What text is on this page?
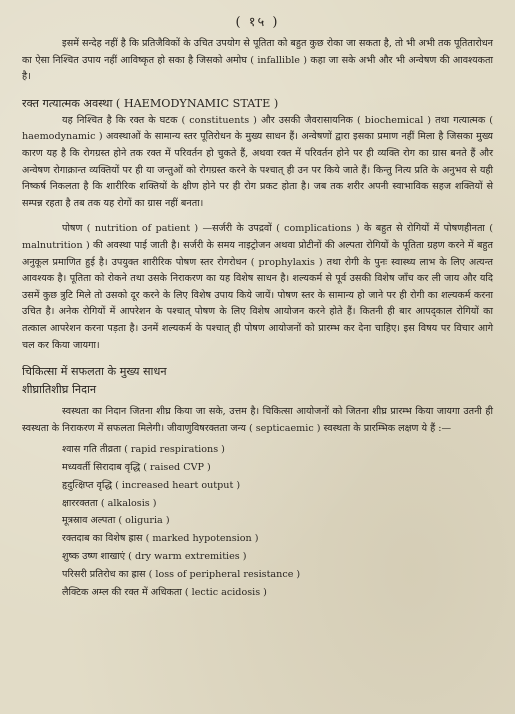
( १५ )

इसमें सन्देह नहीं है कि प्रतिजैविकों के उचित उपयोग से पूतिता को बहुत कुछ रोका जा सकता है, तो भी अभी तक पूतितारोधन का ऐसा निश्चित उपाय नहीं आविष्कृत हो सका है जिसको अमोघ ( infallible ) कहा जा सके अभी और भी अन्वेषण की आवश्यकता है।

रक्त गत्यात्मक अवस्था ( HAEMODYNAMIC STATE )

यह निश्चित है कि रक्त के घटक ( constituents ) और उसकी जैवरासायनिक ( biochemical ) तथा गत्यात्मक ( haemodynamic ) अवस्थाओं के सामान्य स्तर पूतिरोधन के मुख्य साधन हैं। अन्वेषणों द्वारा इसका प्रमाण नहीं मिला है जिसका मुख्य कारण यह है कि रोगग्रस्त होने तक रक्त में परिवर्तन हो चुकते हैं, अथवा रक्त में परिवर्तन होने पर ही व्यक्ति रोग का ग्रास बनते हैं और अन्वेषण रोगाक्रान्त व्यक्तियों पर ही या जन्तुओं को रोगग्रस्त करने के पश्चात् ही उन पर किये जाते हैं। किन्तु नित्य प्रति के अनुभव से यही निष्कर्ष निकलता है कि शारीरिक शक्तियों के क्षीण होने पर ही रोग प्रकट होता है। जब तक शरीर अपनी स्वाभाविक सहज शक्तियों से सम्पन्न रहता है तब तक यह रोगों का ग्रास नहीं बनता।

पोषण ( nutrition of patient ) —सर्जरी के उपद्रवों ( complications ) के बहुत से रोगियों में पोषणहीनता ( malnutrition ) की अवस्था पाई जाती है। सर्जरी के समय नाइट्रोजन अथवा प्रोटीनों की अल्पता रोगियों के पूतिता ग्रहण करने में बहुत अनुकूल प्रमाणित हुई है। उपयुक्त शारीरिक पोषण स्तर रोगरोधन ( prophylaxis ) तथा रोगी के पुनः स्वास्थ्य लाभ के लिए अत्यन्त आवश्यक है। पूतिता को रोकने तथा उसके निराकरण का यह विशेष साधन है। शल्यकर्म से पूर्व उसकी विशेष जाँच कर ली जाय और यदि उसमें कुछ त्रुटि मिले तो उसको दूर करने के लिए विशेष उपाय किये जायें। पोषण स्तर के सामान्य हो जाने पर ही रोगी का शल्यकर्म करना उचित है। अनेक रोगियों में आपरेशन के पश्चात् पोषण के लिए विशेष आयोजन करने होते हैं। कितनी ही बार आपद्काल रोगियों का तत्काल आपरेशन करना पड़ता है। उनमें शल्यकर्म के पश्चात् ही पोषण आयोजनों को प्रारम्भ कर देना चाहिए। इस विषय पर विचार आगे चल कर किया जायगा।

चिकित्सा में सफलता के मुख्य साधन
शीघ्रातिशीघ्र निदान

स्वस्थता का निदान जितना शीघ्र किया जा सके, उत्तम है। चिकित्सा आयोजनों को जितना शीघ्र प्रारम्भ किया जायगा उतनी ही स्वस्थता के निराकरण में सफलता मिलेगी। जीवाणुविषरक्तता जन्य ( septicaemic ) स्वस्थता के प्रारम्भिक लक्षण ये हैं :—

श्वास गति तीव्रता ( rapid respirations )
मध्यवर्ती सिरादाब वृद्धि ( raised CVP )
हृदुत्क्षिप्त वृद्धि ( increased heart output )
क्षाररक्तता ( alkalosis )
मूत्रस्राव अल्पता ( oliguria )
रक्तदाब का विशेष ह्रास ( marked hypotension )
शुष्क उष्ण शाखाएं ( dry warm extremities )
परिसरी प्रतिरोध का ह्रास ( loss of peripheral resistance )
लैक्टिक अम्ल की रक्त में अधिकता ( lectic acidosis )
